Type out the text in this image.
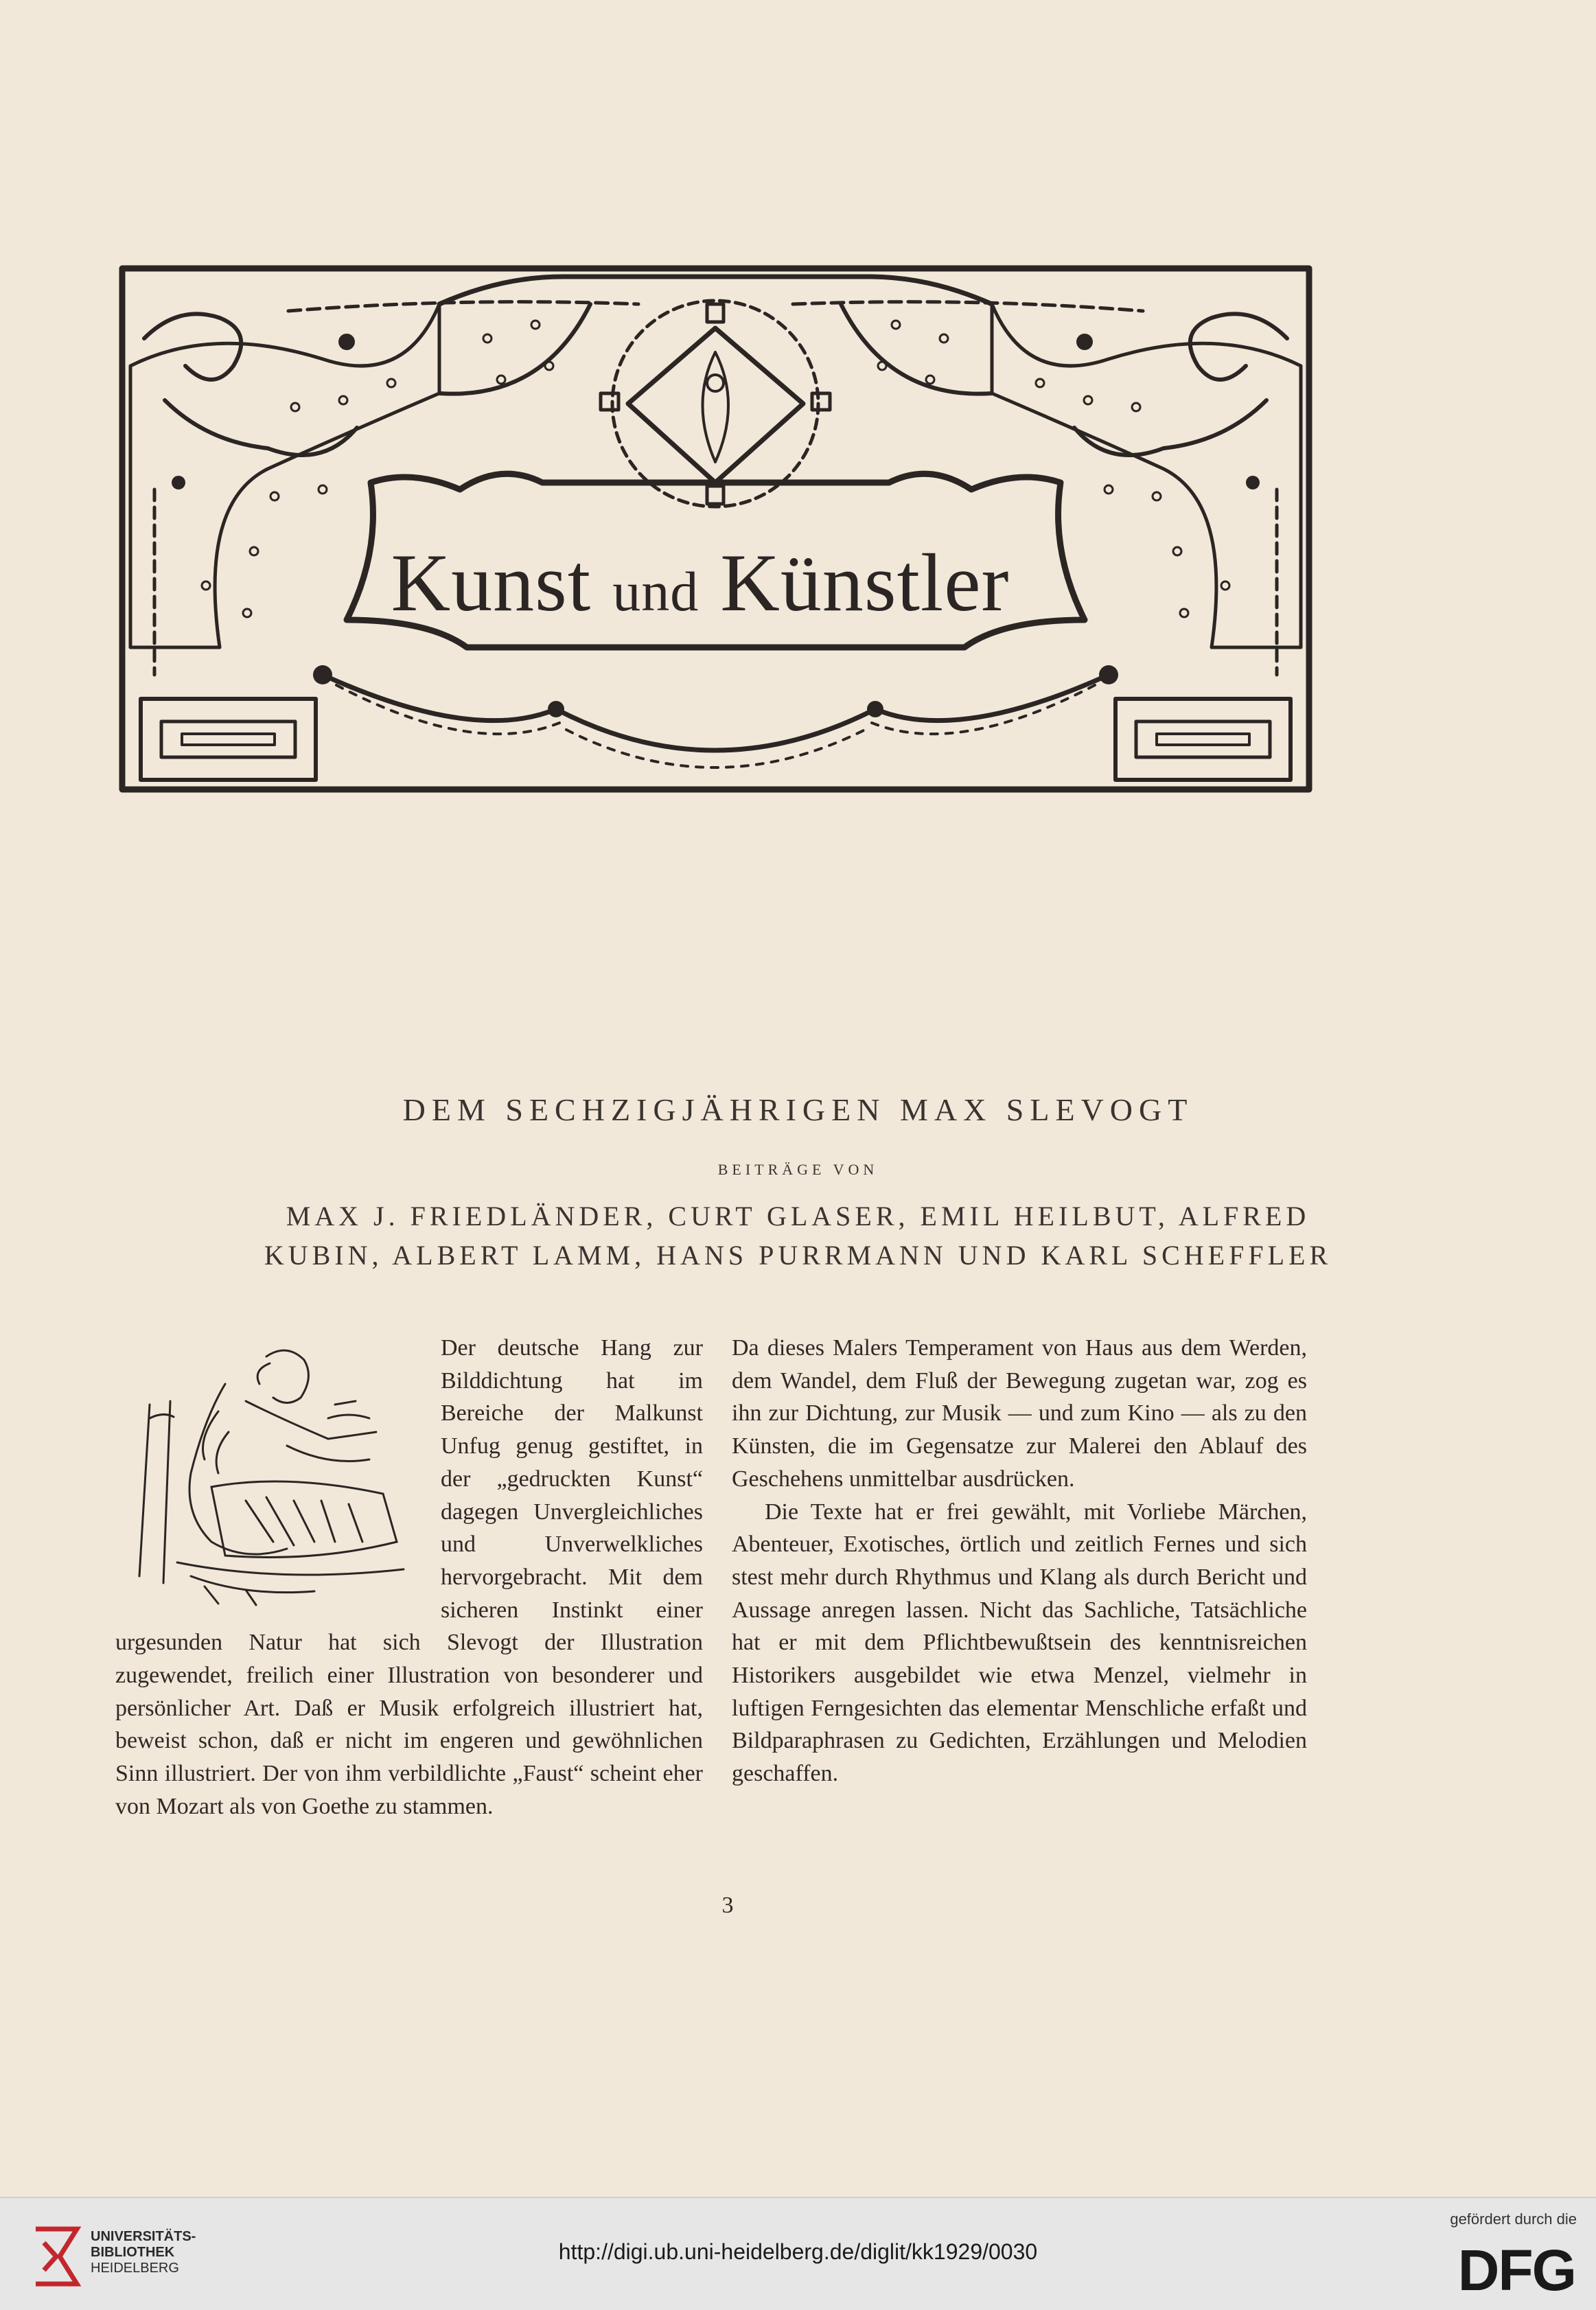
Kunst und Künstler
DEM SECHZIGJÄHRIGEN MAX SLEVOGT
BEITRÄGE VON
MAX J. FRIEDLÄNDER, CURT GLASER, EMIL HEILBUT, ALFRED
KUBIN, ALBERT LAMM, HANS PURRMANN UND KARL SCHEFFLER

Der deutsche Hang zur Bilddichtung hat im Bereiche der Malkunst Unfug genug gestiftet, in der „gedruckten Kunst“ dagegen Unvergleichliches und Unverwelkliches hervorgebracht. Mit dem sicheren Instinkt einer urgesunden Natur hat sich Slevogt der Illustration zugewendet, freilich einer Illustration von besonderer und persönlicher Art. Daß er Musik erfolgreich illustriert hat, beweist schon, daß er nicht im engeren und gewöhnlichen Sinn illustriert. Der von ihm verbildlichte „Faust“ scheint eher von Mozart als von Goethe zu stammen.

Da dieses Malers Temperament von Haus aus dem Werden, dem Wandel, dem Fluß der Bewegung zugetan war, zog es ihn zur Dichtung, zur Musik — und zum Kino — als zu den Künsten, die im Gegensatze zur Malerei den Ablauf des Geschehens unmittelbar ausdrücken.

Die Texte hat er frei gewählt, mit Vorliebe Märchen, Abenteuer, Exotisches, örtlich und zeitlich Fernes und sich stest mehr durch Rhythmus und Klang als durch Bericht und Aussage anregen lassen. Nicht das Sachliche, Tatsächliche hat er mit dem Pflichtbewußtsein des kenntnisreichen Historikers ausgebildet wie etwa Menzel, vielmehr in luftigen Ferngesichten das elementar Menschliche erfaßt und Bildparaphrasen zu Gedichten, Erzählungen und Melodien geschaffen.

3
UNIVERSITÄTS-
BIBLIOTHEK
HEIDELBERG
http://digi.ub.uni-heidelberg.de/diglit/kk1929/0030
gefördert durch die
DFG
